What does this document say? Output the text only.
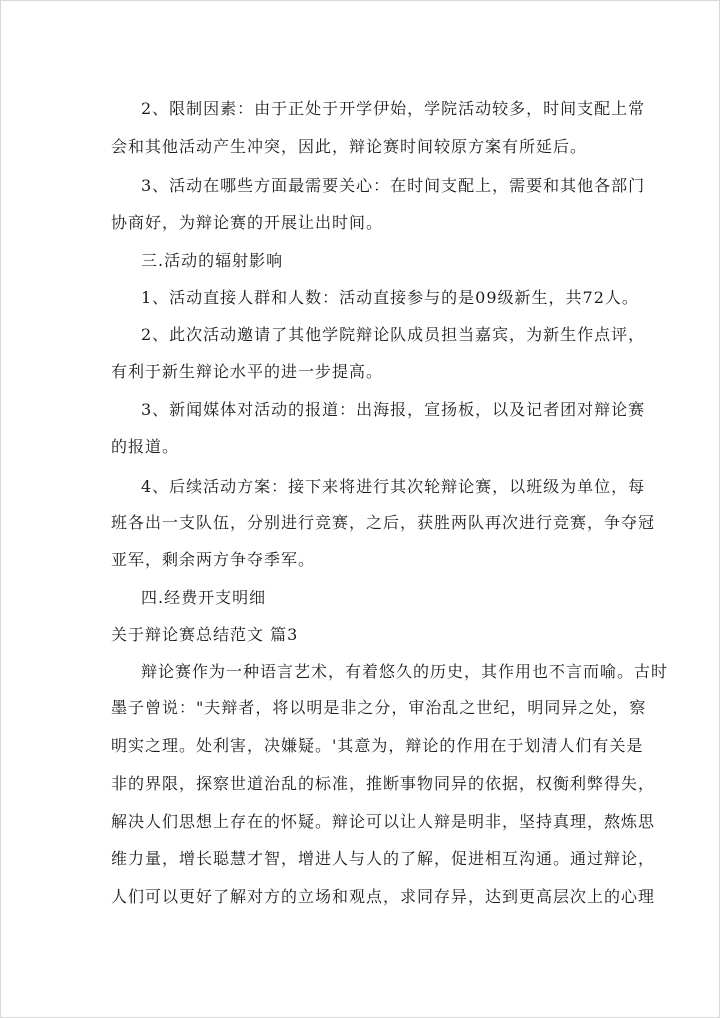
2、限制因素：由于正处于开学伊始，学院活动较多，时间支配上常
会和其他活动产生冲突，因此，辩论赛时间较原方案有所延后。
3、活动在哪些方面最需要关心：在时间支配上，需要和其他各部门
协商好，为辩论赛的开展让出时间。
三.活动的辐射影响
1、活动直接人群和人数：活动直接参与的是09级新生，共72人。
2、此次活动邀请了其他学院辩论队成员担当嘉宾，为新生作点评，
有利于新生辩论水平的进一步提高。
3、新闻媒体对活动的报道：出海报，宣扬板，以及记者团对辩论赛
的报道。
4、后续活动方案：接下来将进行其次轮辩论赛，以班级为单位，每
班各出一支队伍，分别进行竞赛，之后，获胜两队再次进行竞赛，争夺冠
亚军，剩余两方争夺季军。
四.经费开支明细
关于辩论赛总结范文 篇3
辩论赛作为一种语言艺术，有着悠久的历史，其作用也不言而喻。古时
墨子曾说："夫辩者，将以明是非之分，审治乱之世纪，明同异之处，察
明实之理。处利害，决嫌疑。'其意为，辩论的作用在于划清人们有关是
非的界限，探察世道治乱的标准，推断事物同异的依据，权衡利弊得失，
解决人们思想上存在的怀疑。辩论可以让人辩是明非，坚持真理，熬炼思
维力量，增长聪慧才智，增进人与人的了解，促进相互沟通。通过辩论，
人们可以更好了解对方的立场和观点，求同存异，达到更高层次上的心理
